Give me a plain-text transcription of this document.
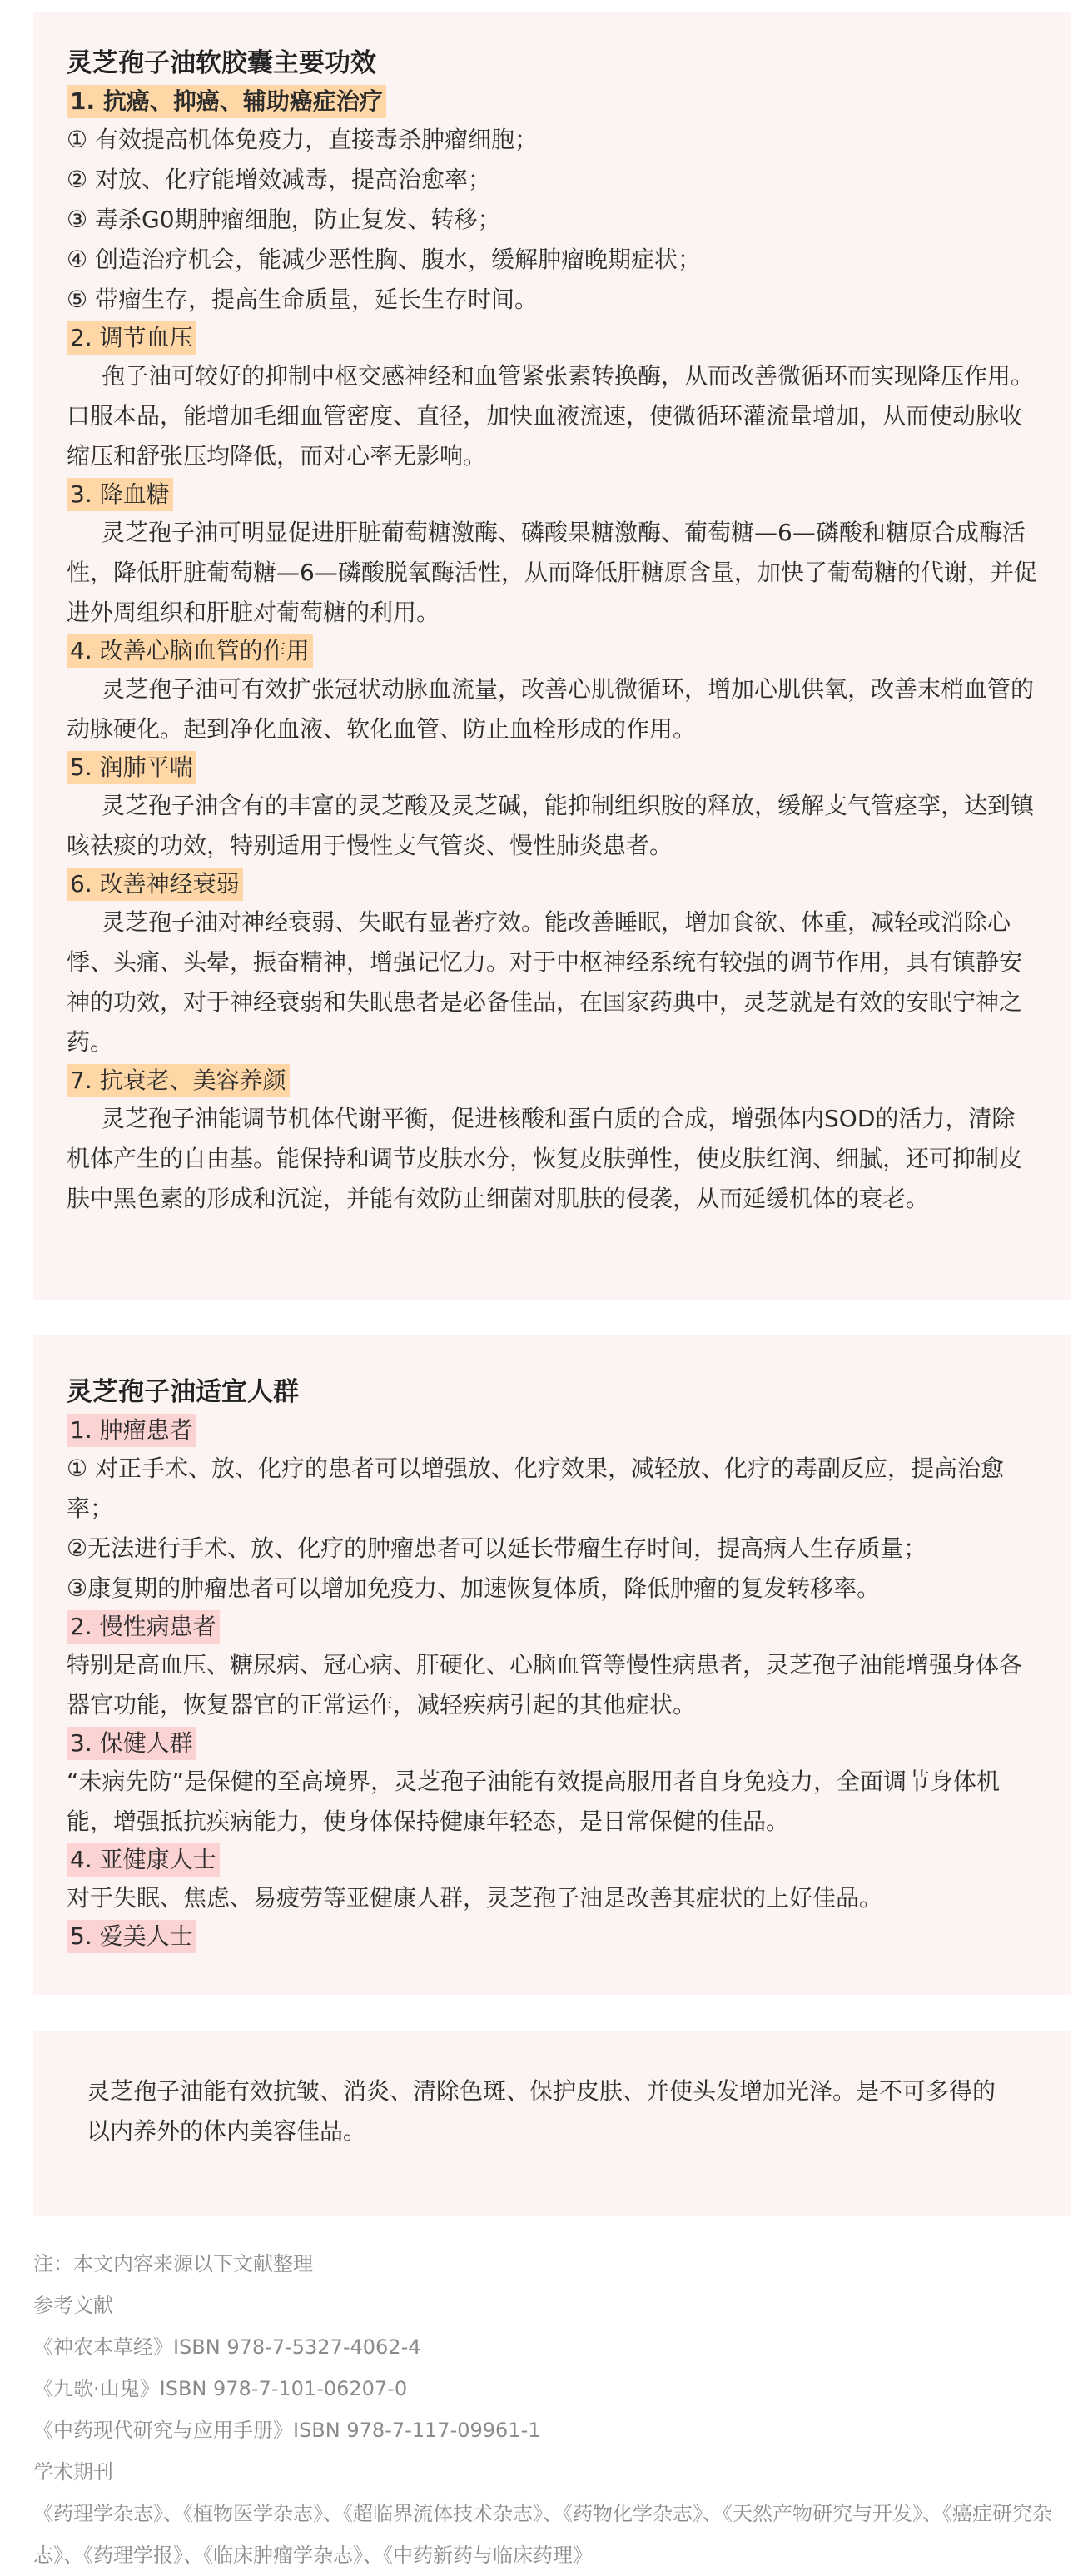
灵芝孢子油软胶囊主要功效
1. 抗癌、抑癌、辅助癌症治疗

① 有效提高机体免疫力，直接毒杀肿瘤细胞；

② 对放、化疗能增效减毒，提高治愈率；

③ 毒杀G0期肿瘤细胞，防止复发、转移；

④ 创造治疗机会，能减少恶性胸、腹水，缓解肿瘤晚期症状；

⑤ 带瘤生存，提高生命质量，延长生存时间。

2. 调节血压

孢子油可较好的抑制中枢交感神经和血管紧张素转换酶，从而改善微循环而实现降压作用。口服本品，能增加毛细血管密度、直径，加快血液流速，使微循环灌流量增加，从而使动脉收缩压和舒张压均降低，而对心率无影响。

3. 降血糖

灵芝孢子油可明显促进肝脏葡萄糖激酶、磷酸果糖激酶、葡萄糖—6—磷酸和糖原合成酶活性，降低肝脏葡萄糖—6—磷酸脱氧酶活性，从而降低肝糖原含量，加快了葡萄糖的代谢，并促进外周组织和肝脏对葡萄糖的利用。

4. 改善心脑血管的作用

灵芝孢子油可有效扩张冠状动脉血流量，改善心肌微循环，增加心肌供氧，改善末梢血管的动脉硬化。起到净化血液、软化血管、防止血栓形成的作用。

5. 润肺平喘

灵芝孢子油含有的丰富的灵芝酸及灵芝碱，能抑制组织胺的释放，缓解支气管痉挛，达到镇咳祛痰的功效，特别适用于慢性支气管炎、慢性肺炎患者。

6. 改善神经衰弱

灵芝孢子油对神经衰弱、失眠有显著疗效。能改善睡眠，增加食欲、体重，减轻或消除心悸、头痛、头晕，振奋精神，增强记忆力。对于中枢神经系统有较强的调节作用，具有镇静安神的功效，对于神经衰弱和失眠患者是必备佳品，在国家药典中，灵芝就是有效的安眠宁神之药。

7. 抗衰老、美容养颜

灵芝孢子油能调节机体代谢平衡，促进核酸和蛋白质的合成，增强体内SOD的活力，清除机体产生的自由基。能保持和调节皮肤水分，恢复皮肤弹性，使皮肤红润、细腻，还可抑制皮肤中黑色素的形成和沉淀，并能有效防止细菌对肌肤的侵袭，从而延缓机体的衰老。

灵芝孢子油适宜人群
1. 肿瘤患者

① 对正手术、放、化疗的患者可以增强放、化疗效果，减轻放、化疗的毒副反应，提高治愈率；

②无法进行手术、放、化疗的肿瘤患者可以延长带瘤生存时间，提高病人生存质量；

③康复期的肿瘤患者可以增加免疫力、加速恢复体质，降低肿瘤的复发转移率。

2. 慢性病患者

特别是高血压、糖尿病、冠心病、肝硬化、心脑血管等慢性病患者，灵芝孢子油能增强身体各器官功能，恢复器官的正常运作，减轻疾病引起的其他症状。

3. 保健人群

“未病先防”是保健的至高境界，灵芝孢子油能有效提高服用者自身免疫力，全面调节身体机能，增强抵抗疾病能力，使身体保持健康年轻态，是日常保健的佳品。

4. 亚健康人士

对于失眠、焦虑、易疲劳等亚健康人群，灵芝孢子油是改善其症状的上好佳品。

5. 爱美人士

灵芝孢子油能有效抗皱、消炎、清除色斑、保护皮肤、并使头发增加光泽。是不可多得的以内养外的体内美容佳品。

注：本文内容来源以下文献整理

参考文献

《神农本草经》ISBN 978-7-5327-4062-4

《九歌·山鬼》ISBN 978-7-101-06207-0

《中药现代研究与应用手册》ISBN 978-7-117-09961-1

学术期刊

《药理学杂志》、《植物医学杂志》、《超临界流体技术杂志》、《药物化学杂志》、《天然产物研究与开发》、《癌症研究杂志》、《药理学报》、《临床肿瘤学杂志》、《中药新药与临床药理》
